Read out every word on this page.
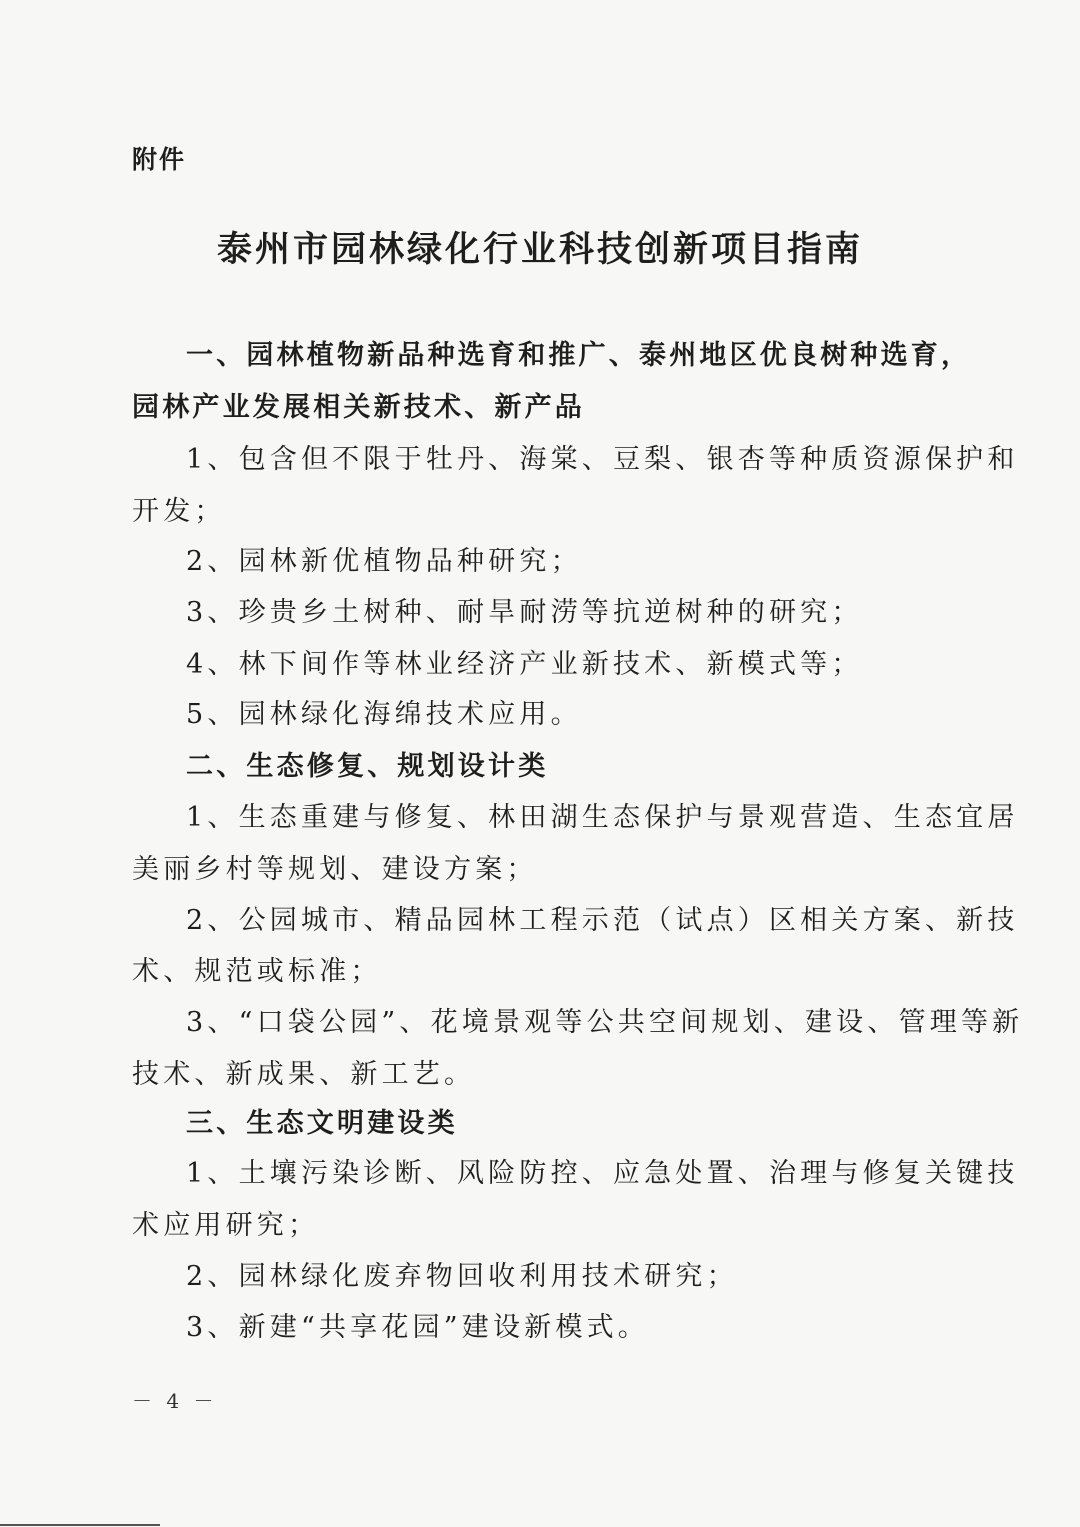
附件
泰州市园林绿化行业科技创新项目指南
一、园林植物新品种选育和推广、泰州地区优良树种选育，
园林产业发展相关新技术、新产品
1、包含但不限于牡丹、海棠、豆梨、银杏等种质资源保护和
开发；
2、园林新优植物品种研究；
3、珍贵乡土树种、耐旱耐涝等抗逆树种的研究；
4、林下间作等林业经济产业新技术、新模式等；
5、园林绿化海绵技术应用。
二、生态修复、规划设计类
1、生态重建与修复、林田湖生态保护与景观营造、生态宜居
美丽乡村等规划、建设方案；
2、公园城市、精品园林工程示范（试点）区相关方案、新技
术、规范或标准；
3、“口袋公园”、花境景观等公共空间规划、建设、管理等新
技术、新成果、新工艺。
三、生态文明建设类
1、土壤污染诊断、风险防控、应急处置、治理与修复关键技
术应用研究；
2、园林绿化废弃物回收利用技术研究；
3、新建“共享花园”建设新模式。
－ 4 －
